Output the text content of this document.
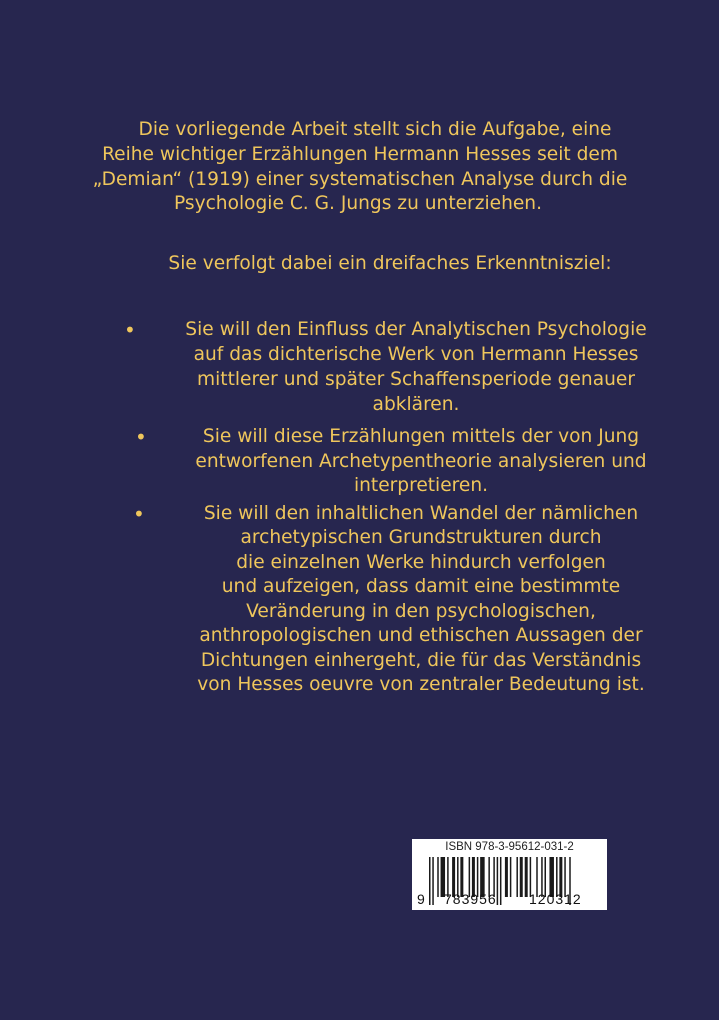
Die vorliegende Arbeit stellt sich die Aufgabe, eine
Reihe wichtiger Erzählungen Hermann Hesses seit dem
„Demian“ (1919) einer systematischen Analyse durch die
Psychologie C. G. Jungs zu unterziehen.
Sie verfolgt dabei ein dreifaches Erkenntnisziel:
•	Sie will den Einfluss der Analytischen Psychologie
auf das dichterische Werk von Hermann Hesses
mittlerer und später Schaffensperiode genauer
abklären.
•	Sie will diese Erzählungen mittels der von Jung
entworfenen Archetypentheorie analysieren und
interpretieren.
•	Sie will den inhaltlichen Wandel der nämlichen
archetypischen Grundstrukturen durch
die einzelnen Werke hindurch verfolgen
und aufzeigen, dass damit eine bestimmte
Veränderung in den psychologischen,
anthropologischen und ethischen Aussagen der
Dichtungen einhergeht, die für das Verständnis
von Hesses oeuvre von zentraler Bedeutung ist.
ISBN 978-3-95612-031-2
9 783956 120312
